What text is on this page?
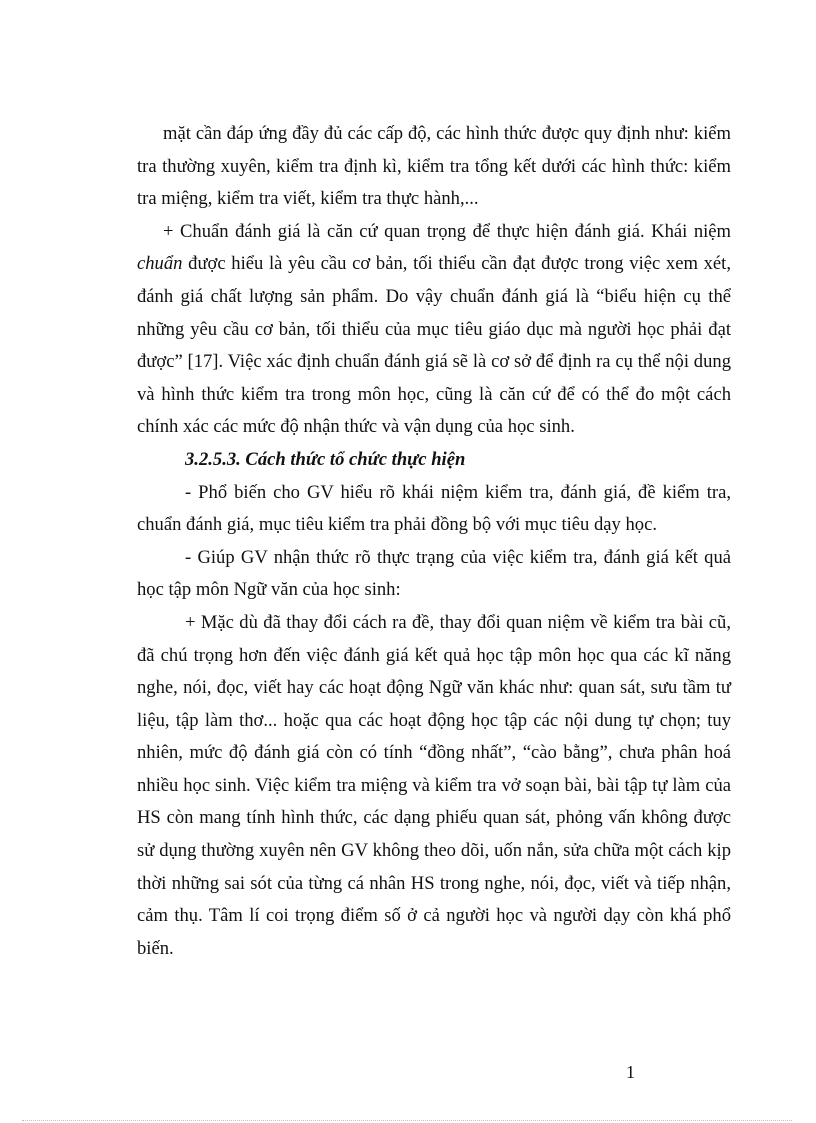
mặt cần đáp ứng đầy đủ các cấp độ, các hình thức được quy định như: kiểm tra thường xuyên, kiểm tra định kì, kiểm tra tổng kết dưới các hình thức: kiểm tra miệng, kiểm tra viết, kiểm tra thực hành,...

+ Chuẩn đánh giá là căn cứ quan trọng để thực hiện đánh giá. Khái niệm chuẩn được hiểu là yêu cầu cơ bản, tối thiểu cần đạt được trong việc xem xét, đánh giá chất lượng sản phẩm. Do vậy chuẩn đánh giá là “biểu hiện cụ thể những yêu cầu cơ bản, tối thiểu của mục tiêu giáo dục mà người học phải đạt được” [17]. Việc xác định chuẩn đánh giá sẽ là cơ sở để định ra cụ thể nội dung và hình thức kiểm tra trong môn học, cũng là căn cứ để có thể đo một cách chính xác các mức độ nhận thức và vận dụng của học sinh.

3.2.5.3. Cách thức tổ chức thực hiện

- Phổ biến cho GV hiểu rõ khái niệm kiểm tra, đánh giá, đề kiểm tra, chuẩn đánh giá, mục tiêu kiểm tra phải đồng bộ với mục tiêu dạy học.

- Giúp GV nhận thức rõ thực trạng của việc kiểm tra, đánh giá kết quả học tập môn Ngữ văn của học sinh:

+ Mặc dù đã thay đổi cách ra đề, thay đổi quan niệm về kiểm tra bài cũ, đã chú trọng hơn đến việc đánh giá kết quả học tập môn học qua các kĩ năng nghe, nói, đọc, viết hay các hoạt động Ngữ văn khác như: quan sát, sưu tầm tư liệu, tập làm thơ... hoặc qua các hoạt động học tập các nội dung tự chọn; tuy nhiên, mức độ đánh giá còn có tính “đồng nhất”, “cào bằng”, chưa phân hoá nhiều học sinh. Việc kiểm tra miệng và kiểm tra vở soạn bài, bài tập tự làm của HS còn mang tính hình thức, các dạng phiếu quan sát, phỏng vấn không được sử dụng thường xuyên nên GV không theo dõi, uốn nắn, sửa chữa một cách kịp thời những sai sót của từng cá nhân HS trong nghe, nói, đọc, viết và tiếp nhận, cảm thụ. Tâm lí coi trọng điểm số ở cả người học và người dạy còn khá phổ biến.

1
